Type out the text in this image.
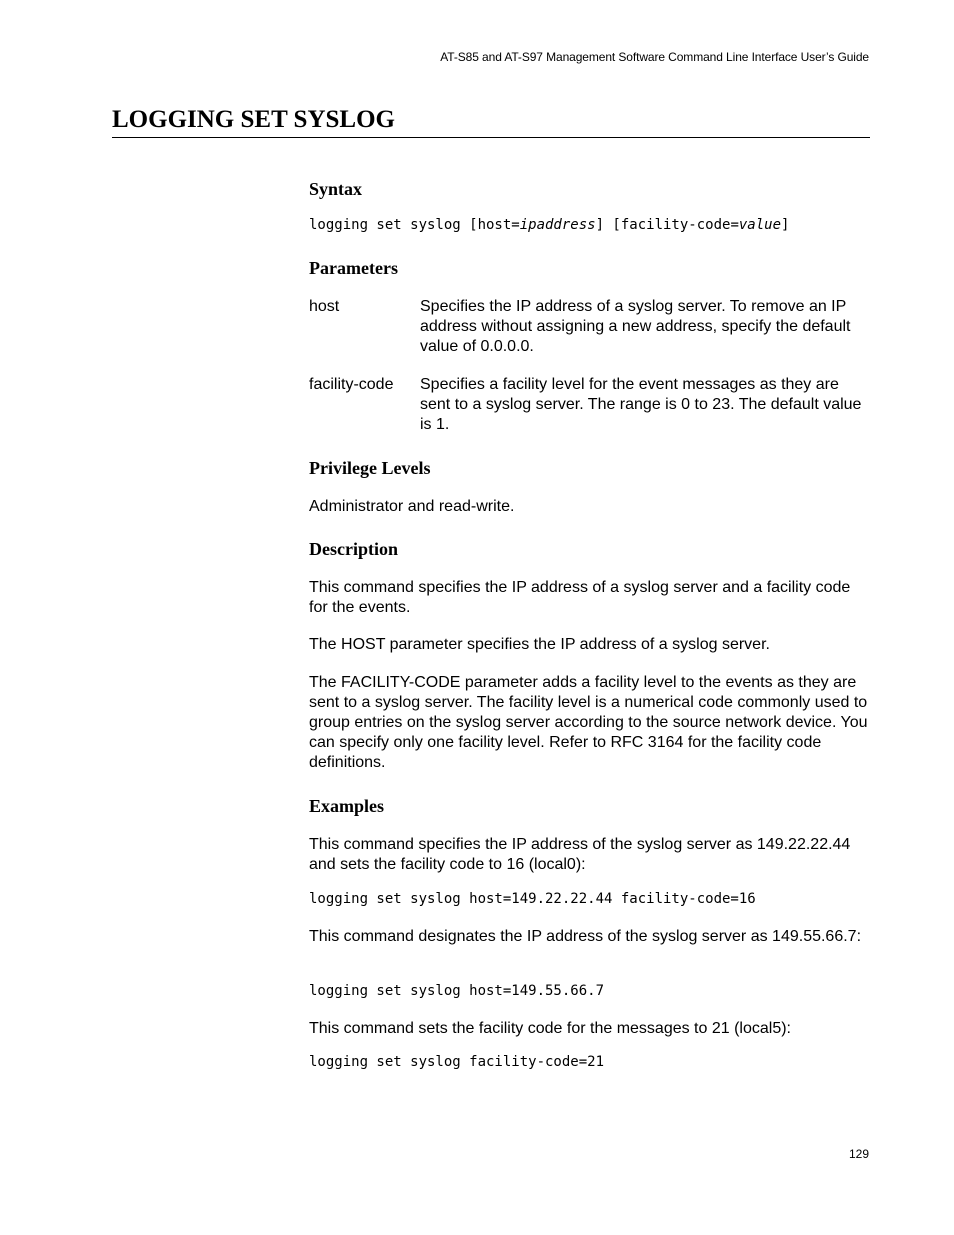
AT-S85 and AT-S97 Management Software Command Line Interface User’s Guide
LOGGING SET SYSLOG
Syntax
logging set syslog [host=ipaddress] [facility-code=value]
Parameters
host	Specifies the IP address of a syslog server. To remove an IP address without assigning a new address, specify the default value of 0.0.0.0.
facility-code Specifies a facility level for the event messages as they are sent to a syslog server. The range is 0 to 23. The default value is 1.
Privilege Levels

Administrator and read-write.

Description

This command specifies the IP address of a syslog server and a facility code for the events.

The HOST parameter specifies the IP address of a syslog server.

The FACILITY-CODE parameter adds a facility level to the events as they are sent to a syslog server. The facility level is a numerical code commonly used to group entries on the syslog server according to the source network device. You can specify only one facility level. Refer to RFC 3164 for the facility code definitions.

Examples

This command specifies the IP address of the syslog server as 149.22.22.44 and sets the facility code to 16 (local0):

logging set syslog host=149.22.22.44 facility-code=16

This command designates the IP address of the syslog server as 149.55.66.7:

logging set syslog host=149.55.66.7

This command sets the facility code for the messages to 21 (local5):

logging set syslog facility-code=21
129
